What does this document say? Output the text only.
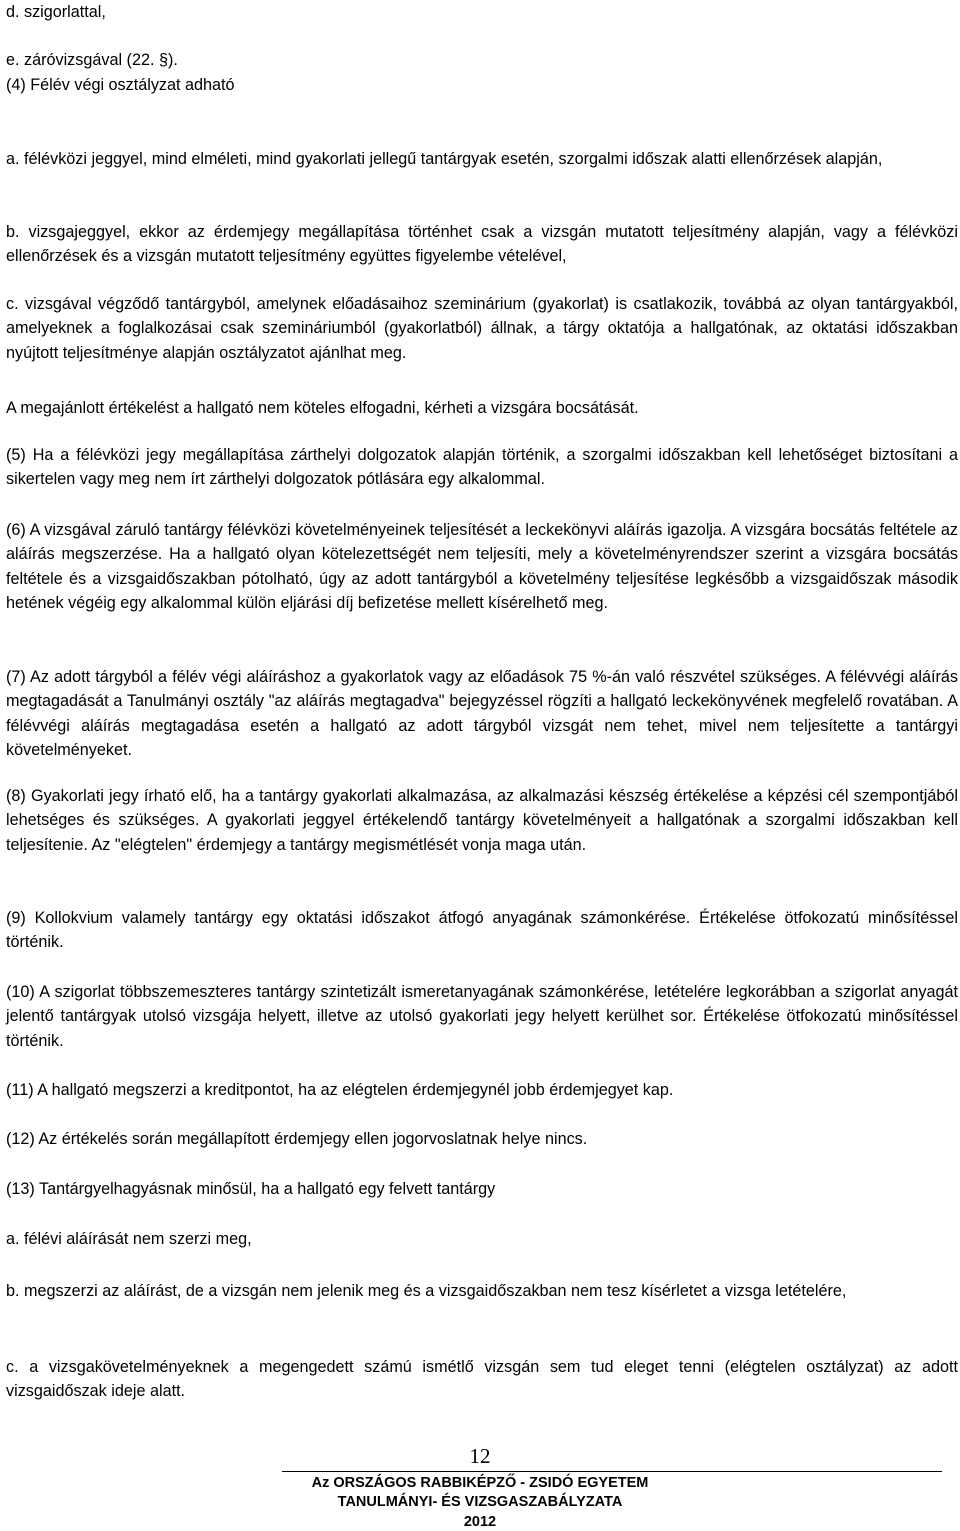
d. szigorlattal,

e. záróvizsgával (22. §).

(4) Félév végi osztályzat adható

a. félévközi jeggyel, mind elméleti, mind gyakorlati jellegű tantárgyak esetén, szorgalmi időszak alatti ellenőrzések alapján,

b. vizsgajeggyel, ekkor az érdemjegy megállapítása történhet csak a vizsgán mutatott teljesítmény alapján, vagy a félévközi ellenőrzések és a vizsgán mutatott teljesítmény együttes figyelembe vételével,

c. vizsgával végződő tantárgyból, amelynek előadásaihoz szeminárium (gyakorlat) is csatlakozik, továbbá az olyan tantárgyakból, amelyeknek a foglalkozásai csak szemináriumból (gyakorlatból) állnak, a tárgy oktatója a hallgatónak, az oktatási időszakban nyújtott teljesítménye alapján osztályzatot ajánlhat meg.

A megajánlott értékelést a hallgató nem köteles elfogadni, kérheti a vizsgára bocsátását.

(5) Ha a félévközi jegy megállapítása zárthelyi dolgozatok alapján történik, a szorgalmi időszakban kell lehetőséget biztosítani a sikertelen vagy meg nem írt zárthelyi dolgozatok pótlására egy alkalommal.

(6) A vizsgával záruló tantárgy félévközi követelményeinek teljesítését a leckekönyvi aláírás igazolja. A vizsgára bocsátás feltétele az aláírás megszerzése. Ha a hallgató olyan kötelezettségét nem teljesíti, mely a követelményrendszer szerint a vizsgára bocsátás feltétele és a vizsgaidőszakban pótolható, úgy az adott tantárgyból a követelmény teljesítése legkésőbb a vizsgaidőszak második hetének végéig egy alkalommal külön eljárási díj befizetése mellett kísérelhető meg.

(7) Az adott tárgyból a félév végi aláíráshoz a gyakorlatok vagy az előadások 75 %-án való részvétel szükséges. A félévvégi aláírás megtagadását a Tanulmányi osztály "az aláírás megtagadva" bejegyzéssel rögzíti a hallgató leckekönyvének megfelelő rovatában. A félévvégi aláírás megtagadása esetén a hallgató az adott tárgyból vizsgát nem tehet, mivel nem teljesítette a tantárgyi követelményeket.

(8) Gyakorlati jegy írható elő, ha a tantárgy gyakorlati alkalmazása, az alkalmazási készség értékelése a képzési cél szempontjából lehetséges és szükséges. A gyakorlati jeggyel értékelendő tantárgy követelményeit a hallgatónak a szorgalmi időszakban kell teljesítenie. Az "elégtelen" érdemjegy a tantárgy megismétlését vonja maga után.

(9) Kollokvium valamely tantárgy egy oktatási időszakot átfogó anyagának számonkérése. Értékelése ötfokozatú minősítéssel történik.

(10) A szigorlat többszemeszteres tantárgy szintetizált ismeretanyagának számonkérése, letételére legkorábban a szigorlat anyagát jelentő tantárgyak utolsó vizsgája helyett, illetve az utolsó gyakorlati jegy helyett kerülhet sor. Értékelése ötfokozatú minősítéssel történik.

(11) A hallgató megszerzi a kreditpontot, ha az elégtelen érdemjegynél jobb érdemjegyet kap.

(12) Az értékelés során megállapított érdemjegy ellen jogorvoslatnak helye nincs.

(13) Tantárgyelhagyásnak minősül, ha a hallgató egy felvett tantárgy

a. félévi aláírását nem szerzi meg,

b. megszerzi az aláírást, de a vizsgán nem jelenik meg és a vizsgaidőszakban nem tesz kísérletet a vizsga letételére,

c. a vizsgakövetelményeknek a megengedett számú ismétlő vizsgán sem tud eleget tenni (elégtelen osztályzat) az adott vizsgaidőszak ideje alatt.

12
Az ORSZÁGOS RABBIKÉPZŐ - ZSIDÓ EGYETEM
TANULMÁNYI- ÉS VIZSGASZABÁLYZATA
2012
